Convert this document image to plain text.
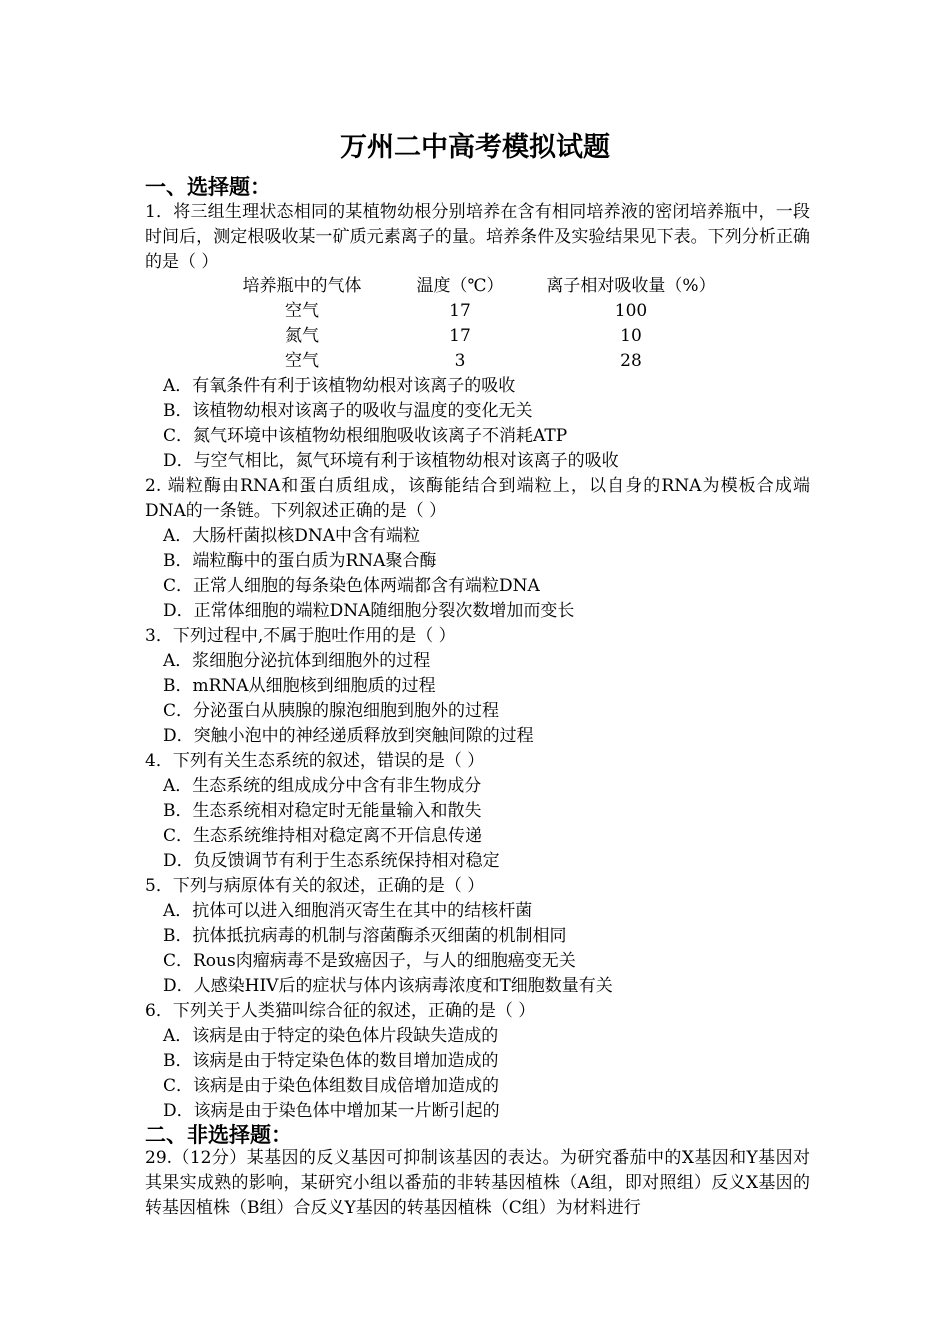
万州二中高考模拟试题
一、选择题：
1．将三组生理状态相同的某植物幼根分别培养在含有相同培养液的密闭培养瓶中，一段时间后，测定根吸收某一矿质元素离子的量。培养条件及实验结果见下表。下列分析正确的是（ ）
培养瓶中的气体	温度（℃）	离子相对吸收量（%）
空气	17	100
氮气	17	10
空气	3	28
A．有氧条件有利于该植物幼根对该离子的吸收
B．该植物幼根对该离子的吸收与温度的变化无关
C．氮气环境中该植物幼根细胞吸收该离子不消耗ATP
D．与空气相比，氮气环境有利于该植物幼根对该离子的吸收
2. 端粒酶由RNA和蛋白质组成，该酶能结合到端粒上，以自身的RNA为模板合成端DNA的一条链。下列叙述正确的是（ ）
A．大肠杆菌拟核DNA中含有端粒
B．端粒酶中的蛋白质为RNA聚合酶
C．正常人细胞的每条染色体两端都含有端粒DNA
D．正常体细胞的端粒DNA随细胞分裂次数增加而变长
3．下列过程中,不属于胞吐作用的是（ ）
A．浆细胞分泌抗体到细胞外的过程
B．mRNA从细胞核到细胞质的过程
C．分泌蛋白从胰腺的腺泡细胞到胞外的过程
D．突触小泡中的神经递质释放到突触间隙的过程
4．下列有关生态系统的叙述，错误的是（ ）
A．生态系统的组成成分中含有非生物成分
B．生态系统相对稳定时无能量输入和散失
C．生态系统维持相对稳定离不开信息传递
D．负反馈调节有利于生态系统保持相对稳定
5．下列与病原体有关的叙述，正确的是（ ）
A．抗体可以进入细胞消灭寄生在其中的结核杆菌
B．抗体抵抗病毒的机制与溶菌酶杀灭细菌的机制相同
C．Rous肉瘤病毒不是致癌因子，与人的细胞癌变无关
D．人感染HIV后的症状与体内该病毒浓度和T细胞数量有关
6．下列关于人类猫叫综合征的叙述，正确的是（ ）
A．该病是由于特定的染色体片段缺失造成的
B．该病是由于特定染色体的数目增加造成的
C．该病是由于染色体组数目成倍增加造成的
D．该病是由于染色体中增加某一片断引起的
二、非选择题：
29.（12分）某基因的反义基因可抑制该基因的表达。为研究番茄中的X基因和Y基因对其果实成熟的影响，某研究小组以番茄的非转基因植株（A组，即对照组）反义X基因的转基因植株（B组）合反义Y基因的转基因植株（C组）为材料进行
